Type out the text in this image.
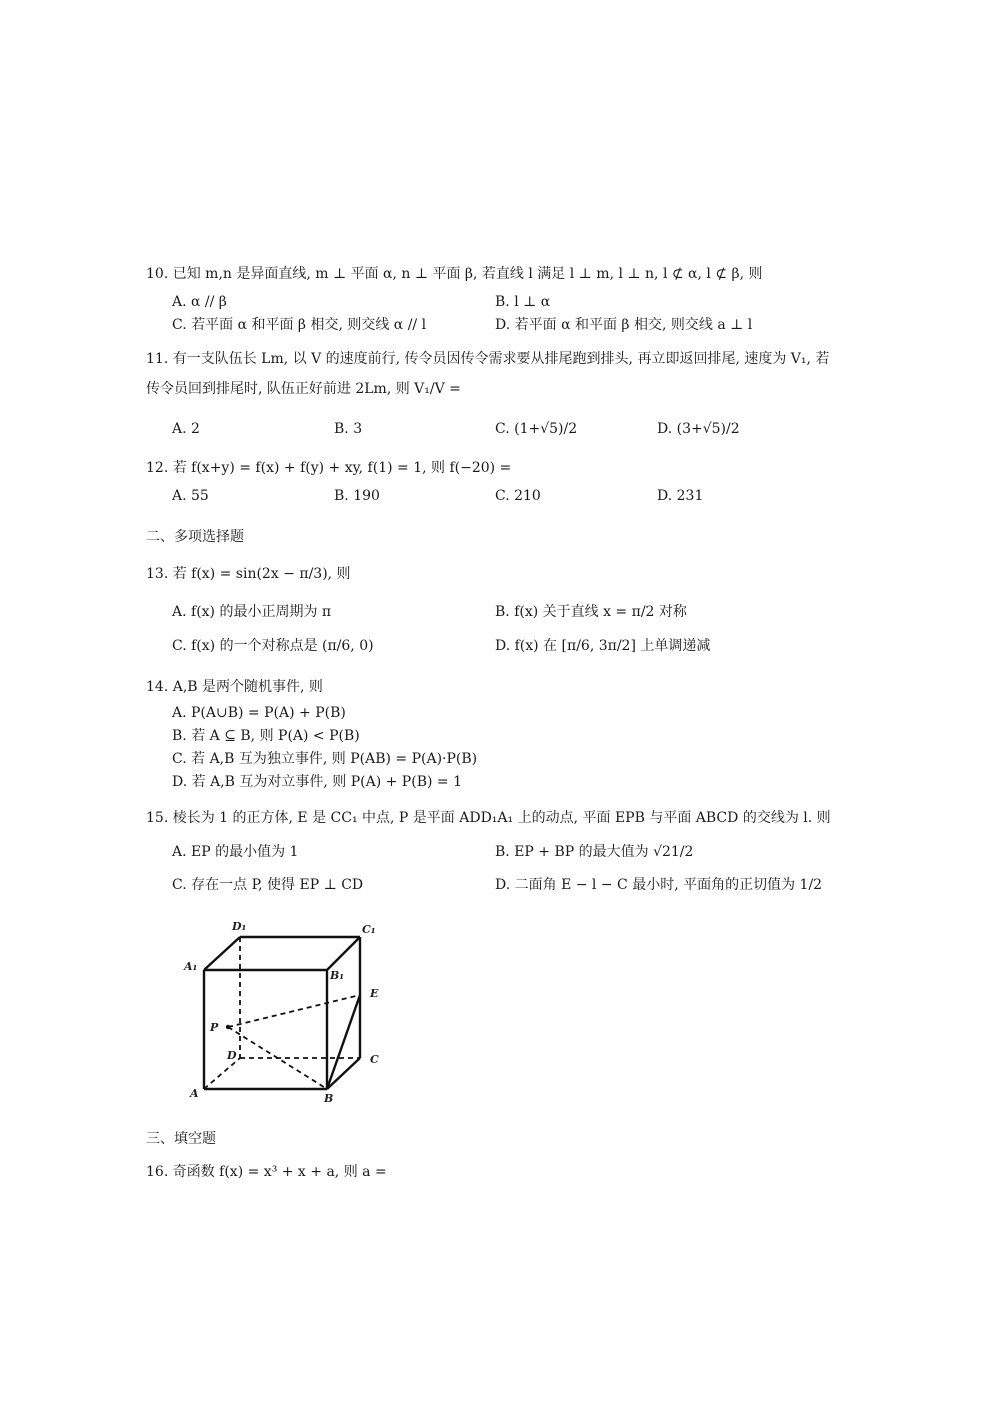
10. 已知 m,n 是异面直线, m ⊥ 平面 α, n ⊥ 平面 β, 若直线 l 满足 l ⊥ m, l ⊥ n, l ⊄ α, l ⊄ β, 则
A. α // β	B. l ⊥ α
C. 若平面 α 和平面 β 相交, 则交线 α // l	D. 若平面 α 和平面 β 相交, 则交线 a ⊥ l
11. 有一支队伍长 Lm, 以 V 的速度前行, 传令员因传令需求要从排尾跑到排头, 再立即返回排尾, 速度为 V₁, 若
传令员回到排尾时, 队伍正好前进 2Lm, 则 V₁/V =
A. 2	B. 3	C. (1+√5)/2	D. (3+√5)/2
12. 若 f(x+y) = f(x) + f(y) + xy, f(1) = 1, 则 f(−20) =
A. 55	B. 190	C. 210	D. 231
二、多项选择题
13. 若 f(x) = sin(2x − π/3), 则
A. f(x) 的最小正周期为 π	B. f(x) 关于直线 x = π/2 对称
C. f(x) 的一个对称点是 (π/6, 0)	D. f(x) 在 [π/6, 3π/2] 上单调递减
14. A,B 是两个随机事件, 则
A. P(A∪B) = P(A) + P(B)
B. 若 A ⊆ B, 则 P(A) < P(B)
C. 若 A,B 互为独立事件, 则 P(AB) = P(A)·P(B)
D. 若 A,B 互为对立事件, 则 P(A) + P(B) = 1
15. 棱长为 1 的正方体, E 是 CC₁ 中点, P 是平面 ADD₁A₁ 上的动点, 平面 EPB 与平面 ABCD 的交线为 l. 则
A. EP 的最小值为 1	B. EP + BP 的最大值为 √21/2
C. 存在一点 P, 使得 EP ⊥ CD	D. 二面角 E − l − C 最小时, 平面角的正切值为 1/2
D₁	C₁
A₁
B₁
E
P
D	C
A	B
三、填空题
16. 奇函数 f(x) = x³ + x + a, 则 a =
